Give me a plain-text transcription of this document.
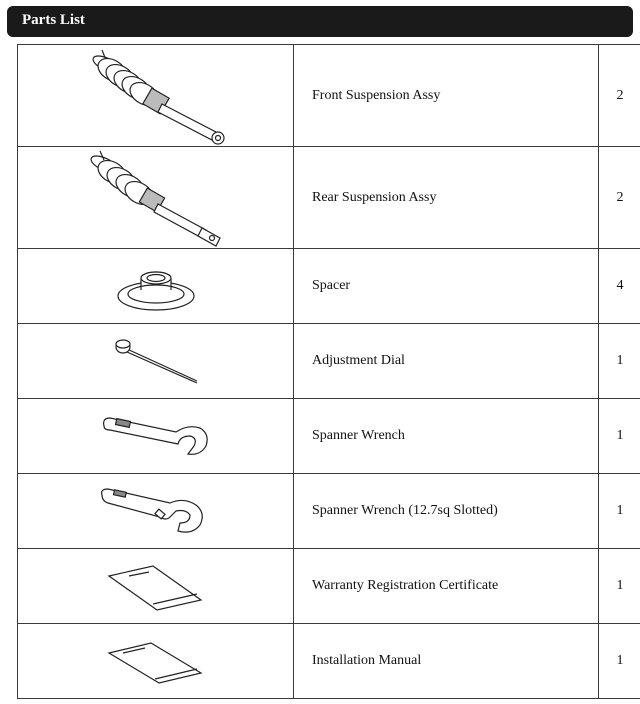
Parts List
	Front Suspension Assy	2

	Rear Suspension Assy	2

	Spacer	4

	Adjustment Dial	1

	Spanner Wrench	1

	Spanner Wrench (12.7sq Slotted)	1

	Warranty Registration Certificate	1

	Installation Manual	1
